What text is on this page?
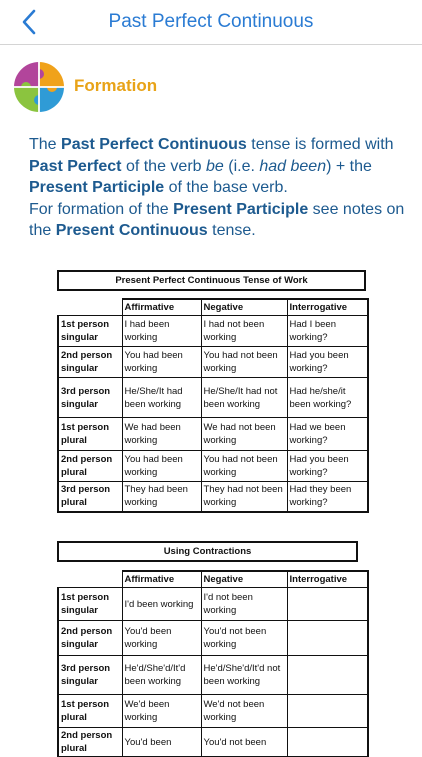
Past Perfect Continuous
Formation
The Past Perfect Continuous tense is formed with Past Perfect of the verb be (i.e. had been) + the Present Participle of the base verb.
For formation of the Present Participle see notes on the Present Continuous tense.
Present Perfect Continuous Tense of Work
	Affirmative	Negative	Interrogative
1st person singular	I had been working	I had not been working	Had I been working?
2nd person singular	You had been working	You had not been working	Had you been working?
3rd person singular	He/She/It had been working	He/She/It had not been working	Had he/she/it been working?
1st person plural	We had been working	We had not been working	Had we been working?
2nd person plural	You had been working	You had not been working	Had you been working?
3rd person plural	They had been working	They had not been working	Had they been working?
Using Contractions
	Affirmative	Negative	Interrogative
1st person singular	I'd been working	I'd not been working	
2nd person singular	You'd been working	You'd not been working	
3rd person singular	He'd/She'd/It'd been working	He'd/She'd/It'd not been working	
1st person plural	We'd been working	We'd not been working	
2nd person plural	You'd been	You'd not been	
